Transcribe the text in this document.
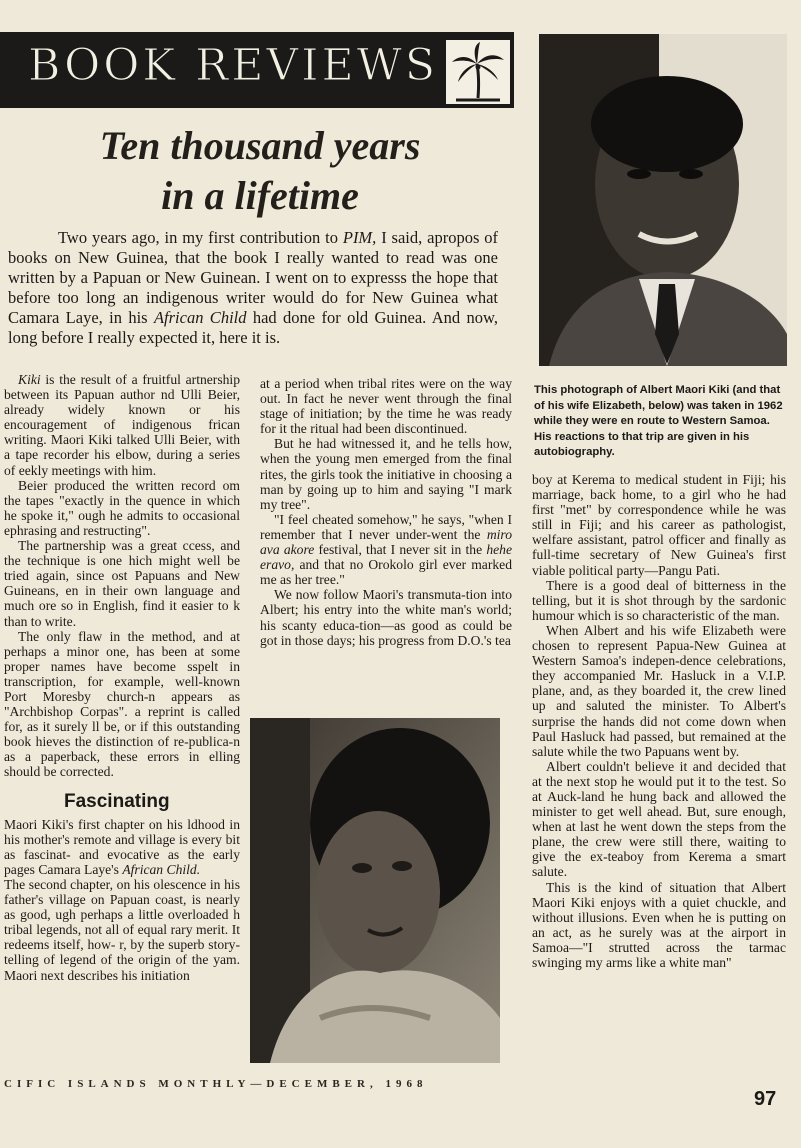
BOOK REVIEWS
Ten thousand years
in a lifetime
Two years ago, in my first contribution to PIM, I said, apropos of books on New Guinea, that the book I really wanted to read was one written by a Papuan or New Guinean. I went on to expresss the hope that before too long an indigenous writer would do for New Guinea what Camara Laye, in his African Child had done for old Guinea. And now, long before I really expected it, here it is.

Kiki is the result of a fruitful artnership between its Papuan author nd Ulli Beier, already widely known or his encouragement of indigenous frican writing. Maori Kiki talked Ulli Beier, with a tape recorder his elbow, during a series of eekly meetings with him.

Beier produced the written record om the tapes "exactly in the quence in which he spoke it," ough he admits to occasional ephrasing and restructing".

The partnership was a great ccess, and the technique is one hich might well be tried again, since ost Papuans and New Guineans, en in their own language and much ore so in English, find it easier to k than to write.

The only flaw in the method, and at perhaps a minor one, has been at some proper names have become sspelt in transcription, for example, well-known Port Moresby church-n appears as "Archbishop Corpas". a reprint is called for, as it surely ll be, or if this outstanding book hieves the distinction of re-publica-n as a paperback, these errors in elling should be corrected.

Fascinating

Maori Kiki's first chapter on his ldhood in his mother's remote and village is every bit as fascinat- and evocative as the early pages Camara Laye's African Child.

The second chapter, on his olescence in his father's village on Papuan coast, is nearly as good, ugh perhaps a little overloaded h tribal legends, not all of equal rary merit. It redeems itself, how- r, by the superb story-telling of legend of the origin of the yam. Maori next describes his initiation

at a period when tribal rites were on the way out. In fact he never went through the final stage of initiation; by the time he was ready for it the ritual had been discontinued.

But he had witnessed it, and he tells how, when the young men emerged from the final rites, the girls took the initiative in choosing a man by going up to him and saying "I mark my tree".

"I feel cheated somehow," he says, "when I remember that I never under-went the miro ava akore festival, that I never sit in the hehe eravo, and that no Orokolo girl ever marked me as her tree."

We now follow Maori's transmuta-tion into Albert; his entry into the white man's world; his scanty educa-tion—as good as could be got in those days; his progress from D.O.'s tea

This photograph of Albert Maori Kiki (and that of his wife Elizabeth, below) was taken in 1962 while they were en route to Western Samoa. His reactions to that trip are given in his autobiography.

boy at Kerema to medical student in Fiji; his marriage, back home, to a girl who he had first "met" by correspondence while he was still in Fiji; and his career as pathologist, welfare assistant, patrol officer and finally as full-time secretary of New Guinea's first viable political party—Pangu Pati.

There is a good deal of bitterness in the telling, but it is shot through by the sardonic humour which is so characteristic of the man.

When Albert and his wife Elizabeth were chosen to represent Papua-New Guinea at Western Samoa's indepen-dence celebrations, they accompanied Mr. Hasluck in a V.I.P. plane, and, as they boarded it, the crew lined up and saluted the minister. To Albert's surprise the hands did not come down when Paul Hasluck had passed, but remained at the salute while the two Papuans went by.

Albert couldn't believe it and decided that at the next stop he would put it to the test. So at Auck-land he hung back and allowed the minister to get well ahead. But, sure enough, when at last he went down the steps from the plane, the crew were still there, waiting to give the ex-teaboy from Kerema a smart salute.

This is the kind of situation that Albert Maori Kiki enjoys with a quiet chuckle, and without illusions. Even when he is putting on an act, as he surely was at the airport in Samoa—"I strutted across the tarmac swinging my arms like a white man"

CIFIC ISLANDS MONTHLY—DECEMBER, 1968
97
